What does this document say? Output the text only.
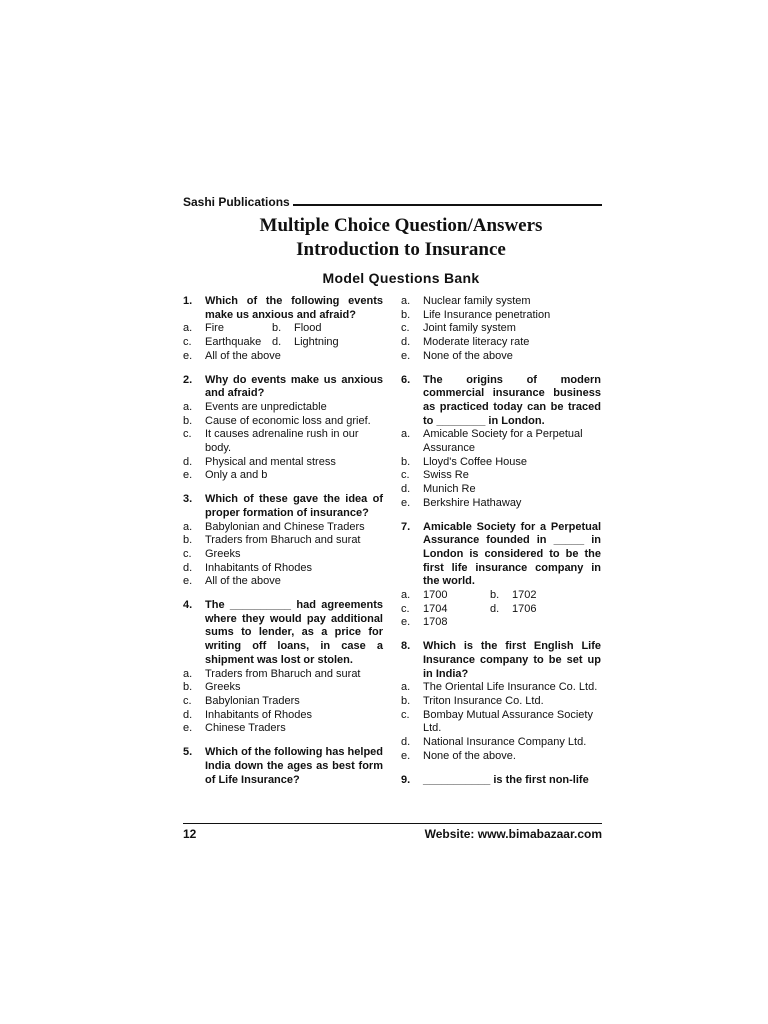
Sashi Publications
Multiple Choice Question/Answers
Introduction to Insurance
Model Questions Bank
1.	Which of the following events make us anxious and afraid?
a.	Fire	b.	Flood
c.	Earthquake d.	Lightning
e.	All of the above
2.	Why do events make us anxious and afraid?
a.	Events are unpredictable
b.	Cause of economic loss and grief.
c.	It causes adrenaline rush in our body.
d.	Physical and mental stress
e.	Only a and b
3.	Which of these gave the idea of proper formation of insurance?
a.	Babylonian and Chinese Traders
b.	Traders from Bharuch and surat
c.	Greeks
d.	Inhabitants of Rhodes
e.	All of the above
4.	The __________ had agreements where they would pay additional sums to lender, as a price for writing off loans, in case a shipment was lost or stolen.
a.	Traders from Bharuch and surat
b.	Greeks
c.	Babylonian Traders
d.	Inhabitants of Rhodes
e.	Chinese Traders
5.	Which of the following has helped India down the ages as best form of Life Insurance?
a.	Nuclear family system
b.	Life Insurance penetration
c.	Joint family system
d.	Moderate literacy rate
e.	None of the above
6.	The origins of modern commercial insurance business as practiced today can be traced to ________ in London.
a.	Amicable Society for a Perpetual Assurance
b.	Lloyd's Coffee House
c.	Swiss Re
d.	Munich Re
e.	Berkshire Hathaway
7.	Amicable Society for a Perpetual Assurance founded in _____ in London is considered to be the first life insurance company in the world.
a.	1700	b.	1702
c.	1704	d.	1706
e.	1708
8.	Which is the first English Life Insurance company to be set up in India?
a.	The Oriental Life Insurance Co. Ltd.
b.	Triton Insurance Co. Ltd.
c.	Bombay Mutual Assurance Society Ltd.
d.	National Insurance Company Ltd.
e.	None of the above.
9.	___________ is the first non-life
12	Website: www.bimabazaar.com
